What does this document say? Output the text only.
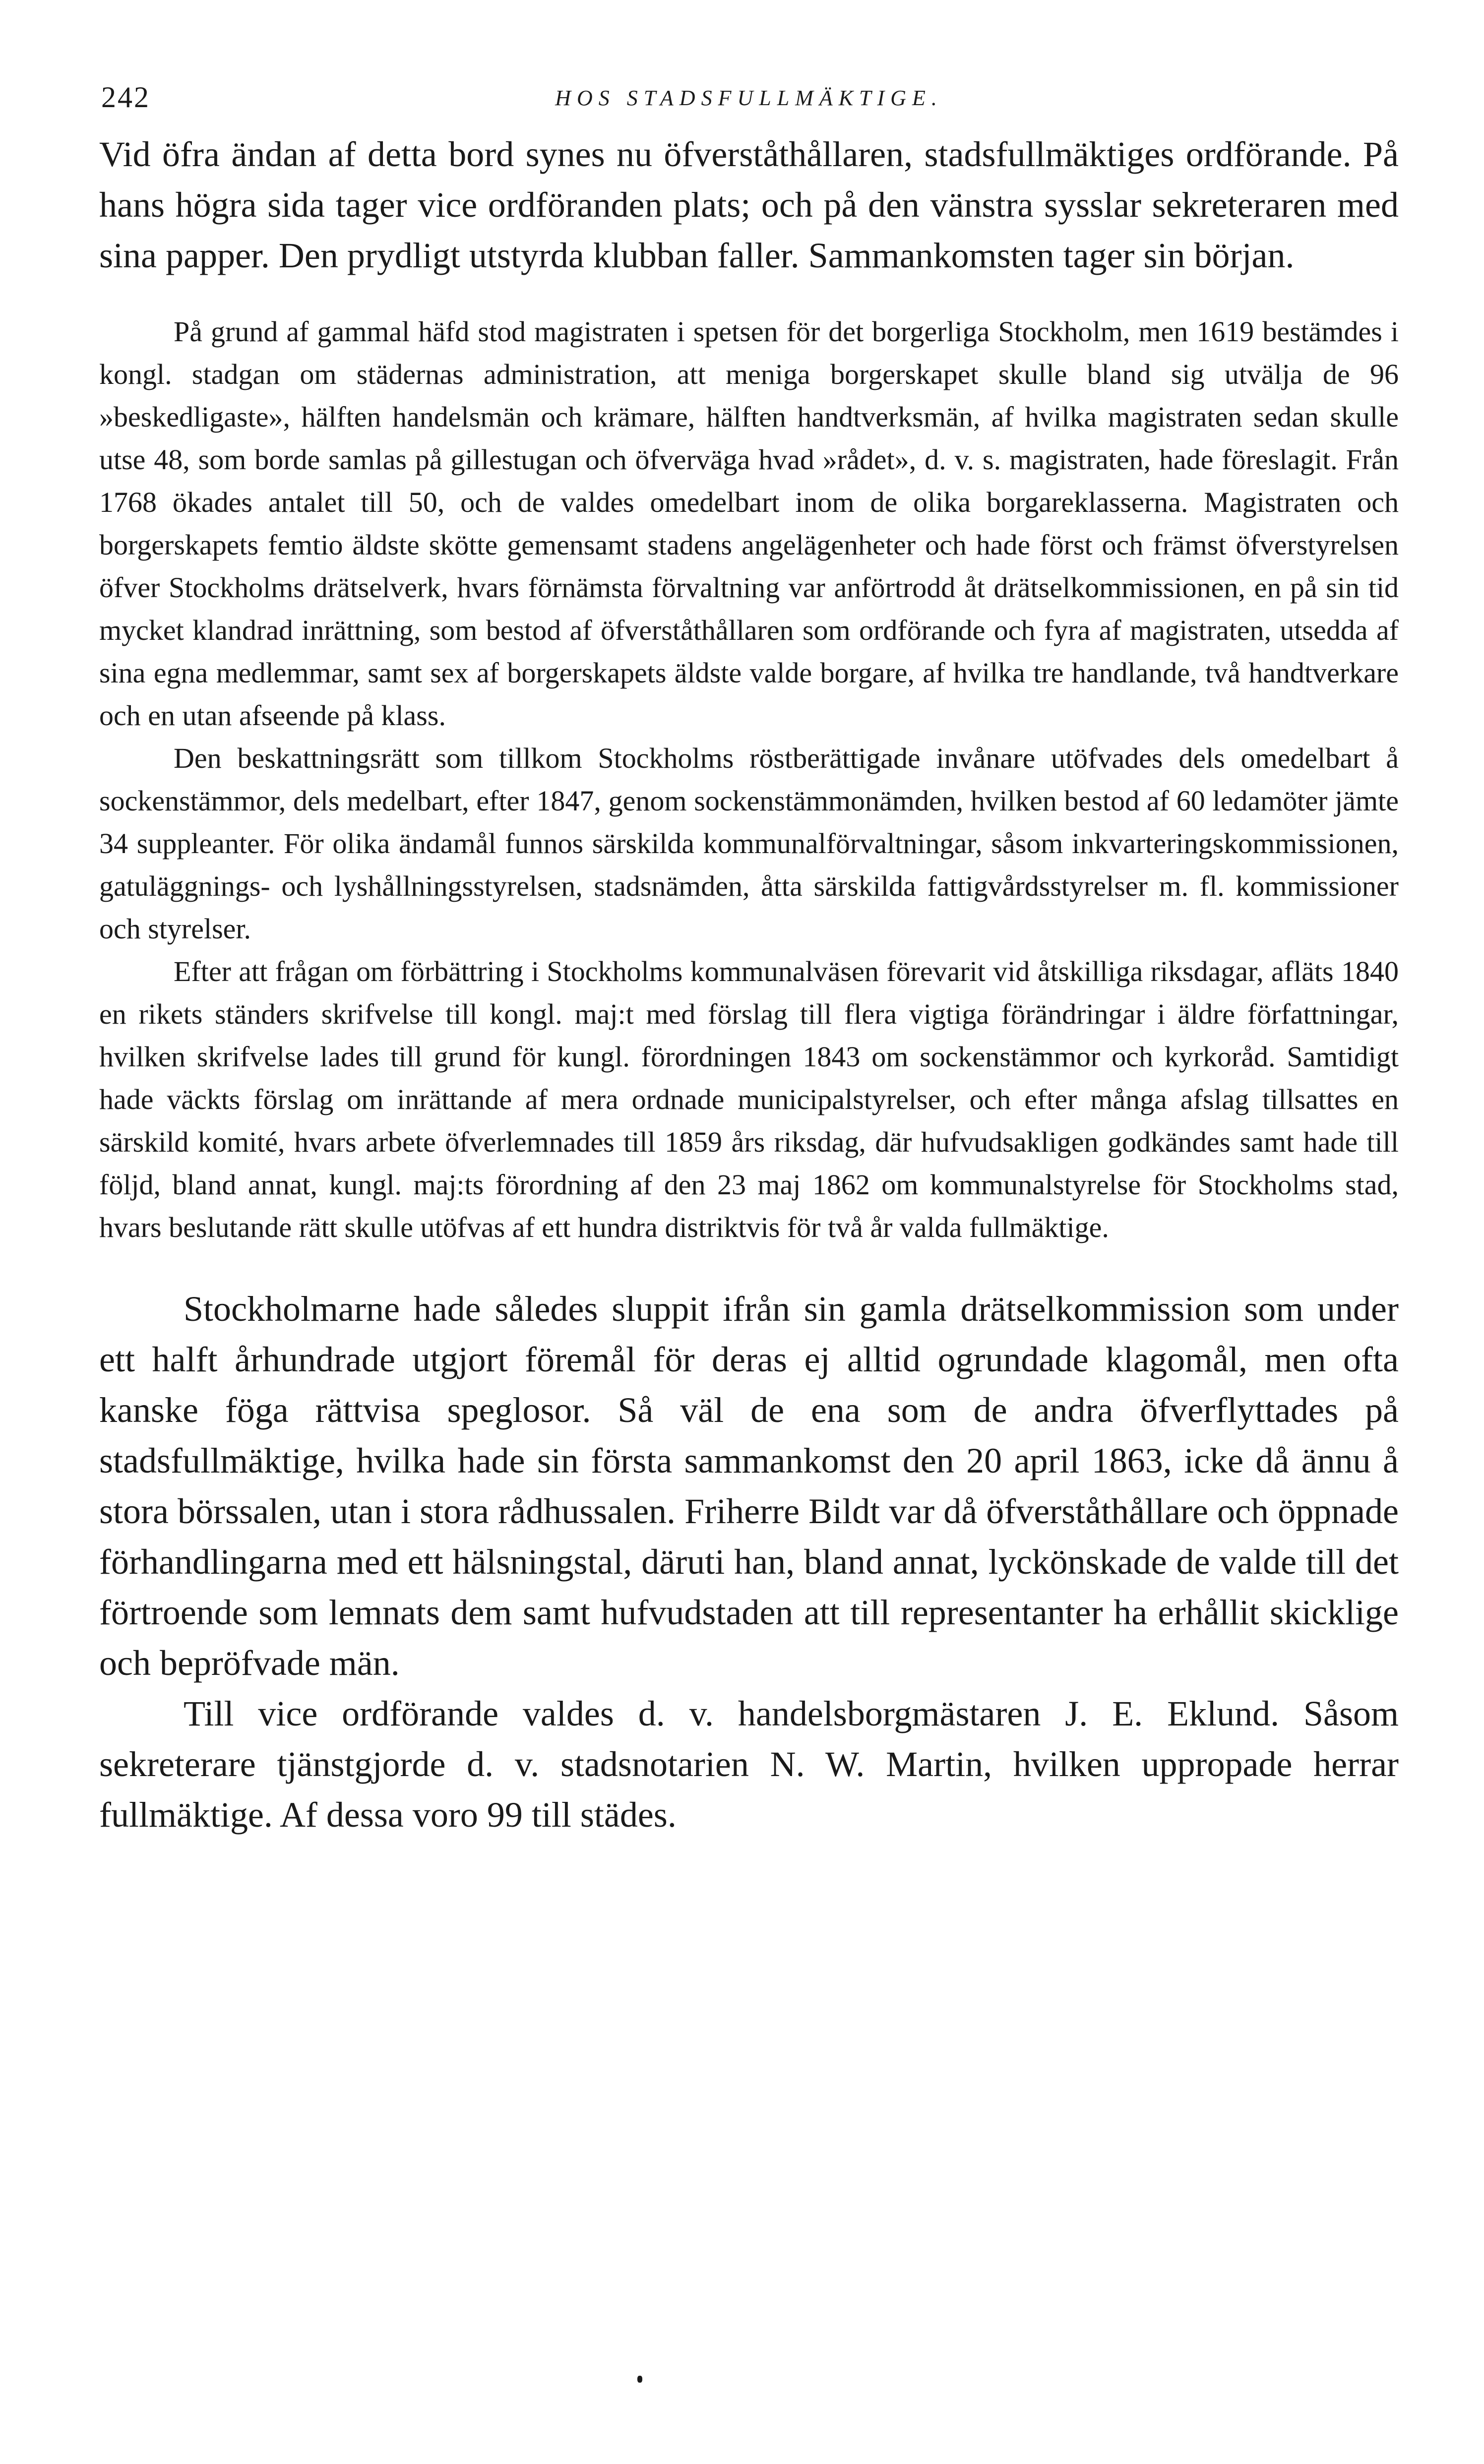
242	HOS STADSFULLMÄKTIGE.

Vid öfra ändan af detta bord synes nu öfverståthållaren, stadsfullmäktiges ordförande. På hans högra sida tager vice ordföranden plats; och på den vänstra sysslar sekreteraren med sina papper. Den prydligt utstyrda klubban faller. Sammankomsten tager sin början.

På grund af gammal häfd stod magistraten i spetsen för det borgerliga Stockholm, men 1619 bestämdes i kongl. stadgan om städernas administration, att meniga borgerskapet skulle bland sig utvälja de 96 »beskedligaste», hälften handelsmän och krämare, hälften handtverksmän, af hvilka magistraten sedan skulle utse 48, som borde samlas på gillestugan och öfverväga hvad »rådet», d. v. s. magistraten, hade föreslagit. Från 1768 ökades antalet till 50, och de valdes omedelbart inom de olika borgareklasserna. Magistraten och borgerskapets femtio äldste skötte gemensamt stadens angelägenheter och hade först och främst öfverstyrelsen öfver Stockholms drätselverk, hvars förnämsta förvaltning var anförtrodd åt drätselkommissionen, en på sin tid mycket klandrad inrättning, som bestod af öfverståthållaren som ordförande och fyra af magistraten, utsedda af sina egna medlemmar, samt sex af borgerskapets äldste valde borgare, af hvilka tre handlande, två handtverkare och en utan afseende på klass.

Den beskattningsrätt som tillkom Stockholms röstberättigade invånare utöfvades dels omedelbart å sockenstämmor, dels medelbart, efter 1847, genom sockenstämmonämden, hvilken bestod af 60 ledamöter jämte 34 suppleanter. För olika ändamål funnos särskilda kommunalförvaltningar, såsom inkvarteringskommissionen, gatuläggnings- och lyshållningsstyrelsen, stadsnämden, åtta särskilda fattigvårdsstyrelser m. fl. kommissioner och styrelser.

Efter att frågan om förbättring i Stockholms kommunalväsen förevarit vid åtskilliga riksdagar, afläts 1840 en rikets ständers skrifvelse till kongl. maj:t med förslag till flera vigtiga förändringar i äldre författningar, hvilken skrifvelse lades till grund för kungl. förordningen 1843 om sockenstämmor och kyrkoråd. Samtidigt hade väckts förslag om inrättande af mera ordnade municipalstyrelser, och efter många afslag tillsattes en särskild komité, hvars arbete öfverlemnades till 1859 års riksdag, där hufvudsakligen godkändes samt hade till följd, bland annat, kungl. maj:ts förordning af den 23 maj 1862 om kommunalstyrelse för Stockholms stad, hvars beslutande rätt skulle utöfvas af ett hundra distriktvis för två år valda fullmäktige.

Stockholmarne hade således sluppit ifrån sin gamla drätselkommission som under ett halft århundrade utgjort föremål för deras ej alltid ogrundade klagomål, men ofta kanske föga rättvisa speglosor. Så väl de ena som de andra öfverflyttades på stadsfullmäktige, hvilka hade sin första sammankomst den 20 april 1863, icke då ännu å stora börssalen, utan i stora rådhussalen. Friherre Bildt var då öfverståthållare och öppnade förhandlingarna med ett hälsningstal, däruti han, bland annat, lyckönskade de valde till det förtroende som lemnats dem samt hufvudstaden att till representanter ha erhållit skicklige och bepröfvade män.

Till vice ordförande valdes d. v. handelsborgmästaren J. E. Eklund. Såsom sekreterare tjänstgjorde d. v. stadsnotarien N. W. Martin, hvilken uppropade herrar fullmäktige. Af dessa voro 99 till städes.
